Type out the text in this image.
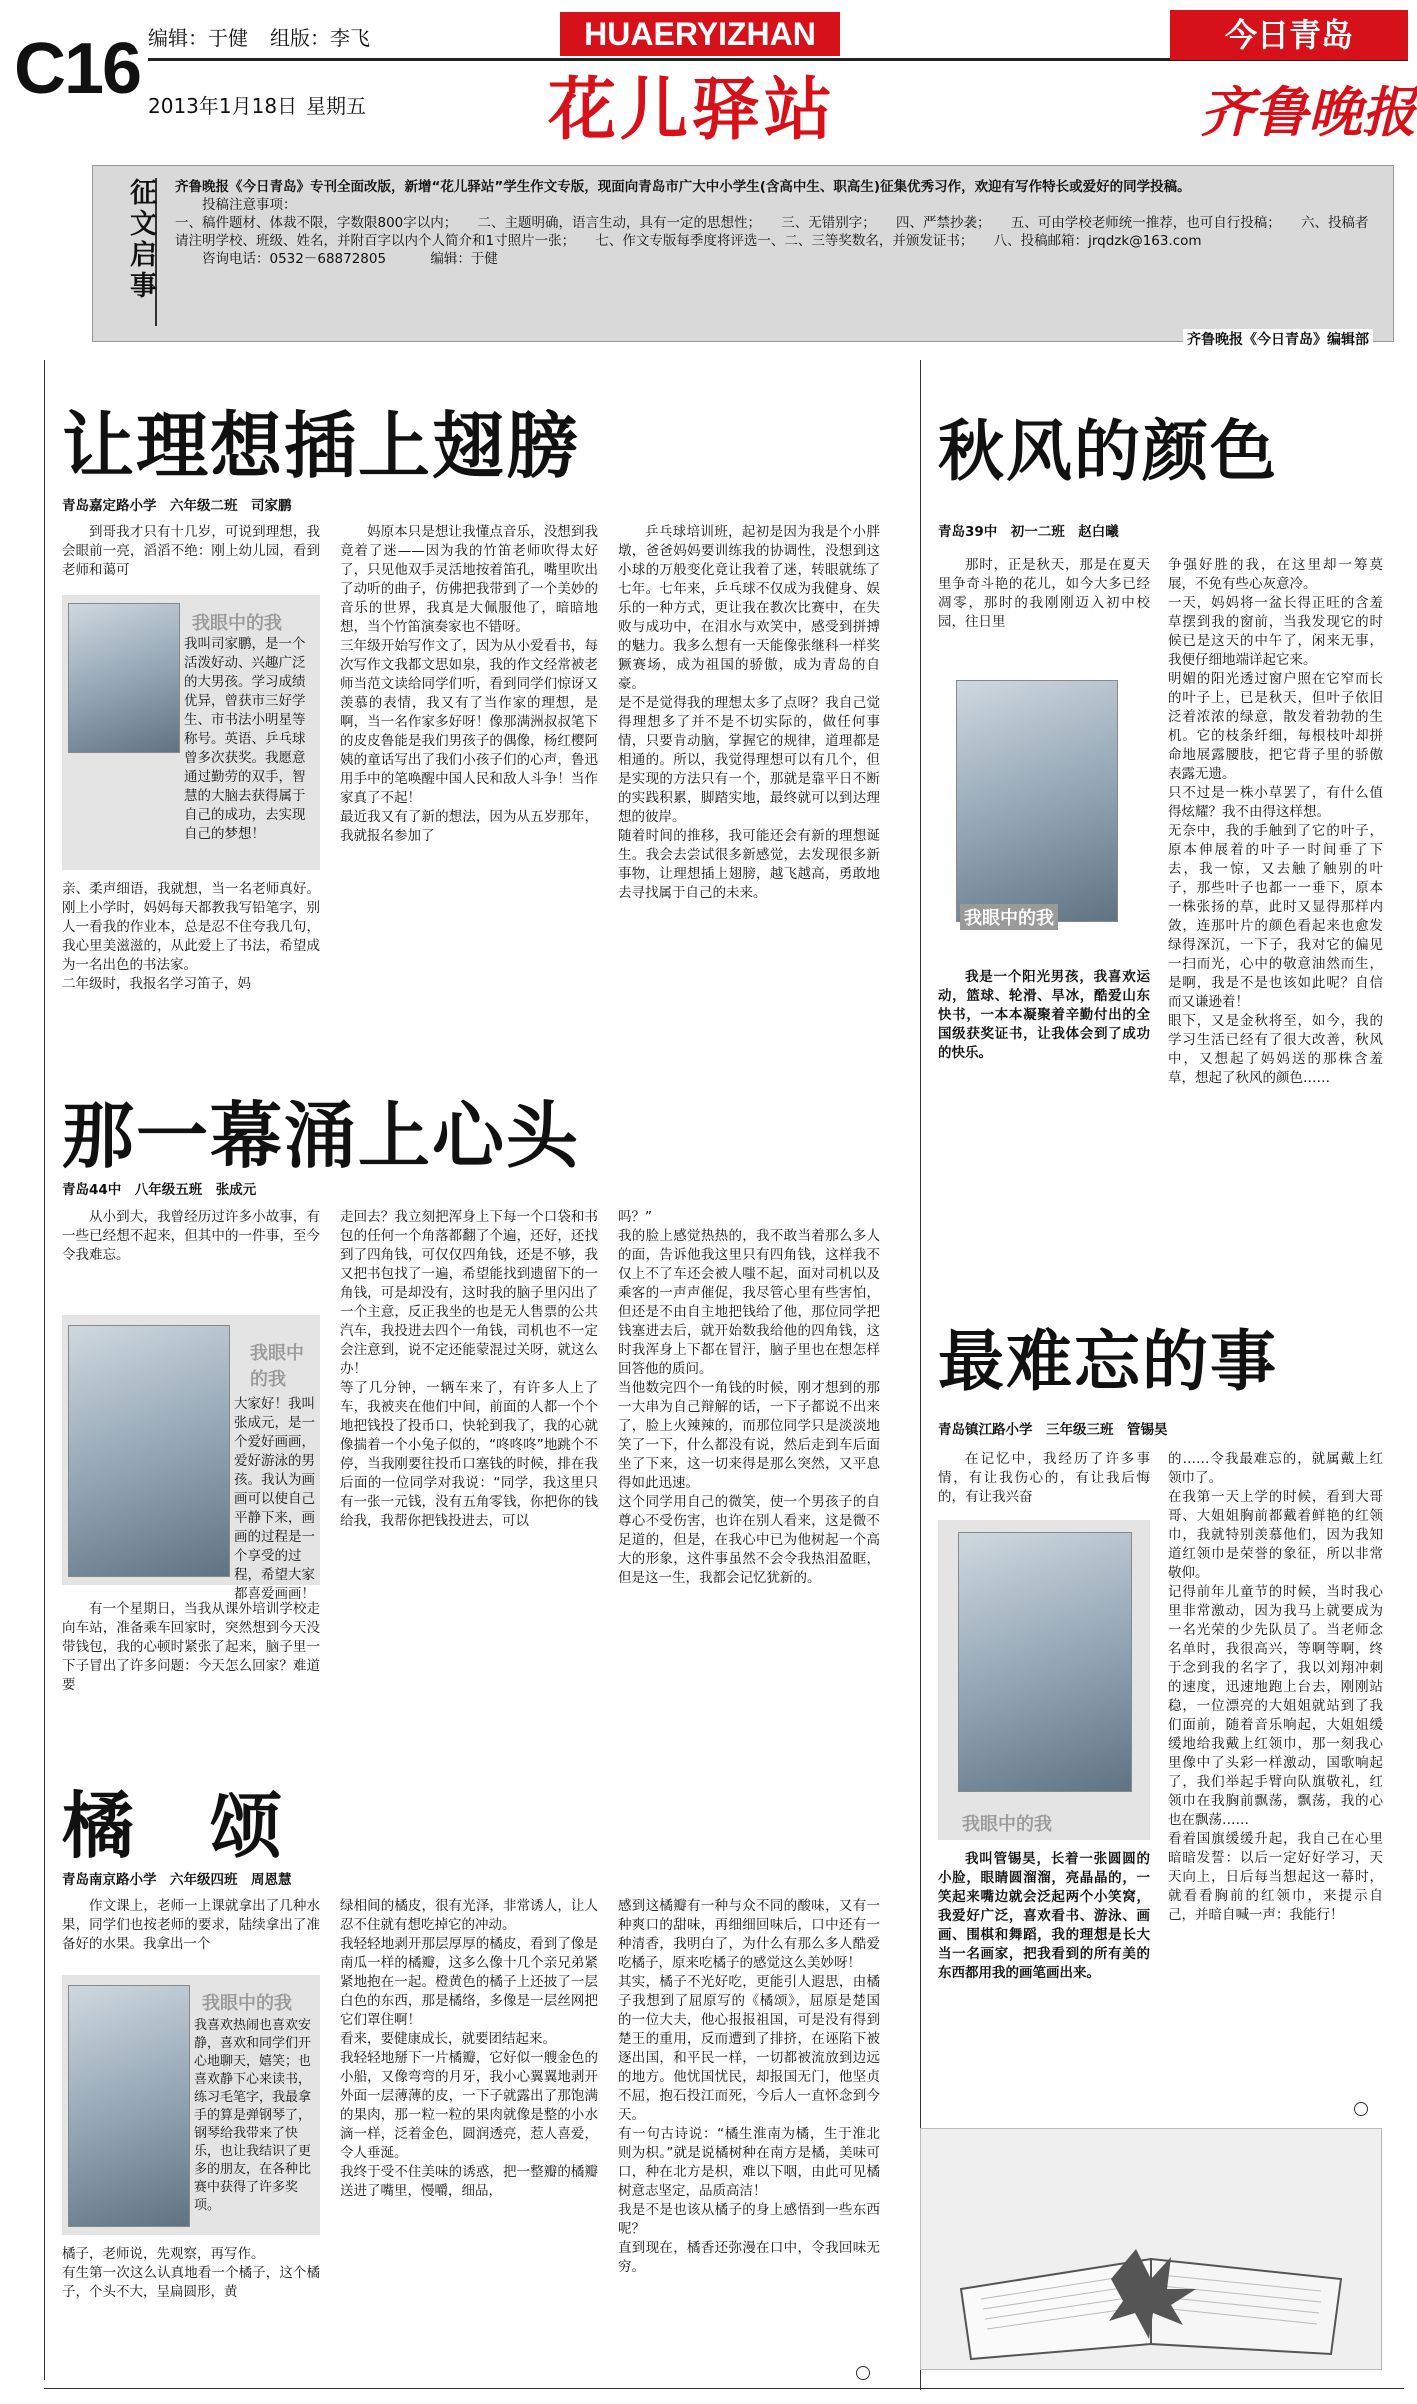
C16 编辑：于健 组版：李飞
2013年1月18日 星期五
HUAERYIZHAN
花儿驿站
今日青岛
齐鲁晚报
征文启事 齐鲁晚报《今日青岛》专刊全面改版，新增“花儿驿站”学生作文专版，现面向青岛市广大中小学生(含高中生、职高生)征集优秀习作，欢迎有写作特长或爱好的同学投稿。
投稿注意事项：
一、稿件题材、体裁不限，字数限800字以内；　　二、主题明确，语言生动，具有一定的思想性；　　三、无错别字；　　四、严禁抄袭；　　五、可由学校老师统一推荐，也可自行投稿；　　六、投稿者请注明学校、班级、姓名，并附百字以内个人简介和1寸照片一张；　　七、作文专版每季度将评选一、二、三等奖数名，并颁发证书；　　八、投稿邮箱：jrqdzk@163.com
咨询电话：0532－68872805	编辑：于健
齐鲁晚报《今日青岛》编辑部
让理想插上翅膀
青岛嘉定路小学　六年级二班　司家鹏

到哥我才只有十几岁，可说到理想，我会眼前一亮，滔滔不绝：刚上幼儿园，看到老师和蔼可

我眼中的我
我叫司家鹏，是一个活泼好动、兴趣广泛的大男孩。学习成绩优异，曾获市三好学生、市书法小明星等称号。英语、乒乓球曾多次获奖。我愿意通过勤劳的双手，智慧的大脑去获得属于自己的成功，去实现自己的梦想！

亲、柔声细语，我就想，当一名老师真好。刚上小学时，妈妈每天都教我写铅笔字，别人一看我的作业本，总是忍不住夸我几句，我心里美滋滋的，从此爱上了书法，希望成为一名出色的书法家。
二年级时，我报名学习笛子，妈

妈原本只是想让我懂点音乐，没想到我竟着了迷——因为我的竹笛老师吹得太好了，只见他双手灵活地按着笛孔，嘴里吹出了动听的曲子，仿佛把我带到了一个美妙的音乐的世界，我真是大佩服他了，暗暗地想，当个竹笛演奏家也不错呀。
三年级开始写作文了，因为从小爱看书，每次写作文我都文思如泉，我的作文经常被老师当范文读给同学们听，看到同学们惊讶又羡慕的表情，我又有了当作家的理想，是啊，当一名作家多好呀！像那满洲叔叔笔下的皮皮鲁能是我们男孩子的偶像，杨红樱阿姨的童话写出了我们小孩子们的心声，鲁迅用手中的笔唤醒中国人民和敌人斗争！当作家真了不起！
最近我又有了新的想法，因为从五岁那年，我就报名参加了

乒乓球培训班，起初是因为我是个小胖墩，爸爸妈妈要训练我的协调性，没想到这小球的万般变化竟让我着了迷，转眼就练了七年。七年来，乒乓球不仅成为我健身、娱乐的一种方式，更让我在教次比赛中，在失败与成功中，在泪水与欢笑中，感受到拼搏的魅力。我多么想有一天能像张继科一样奖獗赛场，成为祖国的骄傲，成为青岛的自豪。
是不是觉得我的理想太多了点呀？我自己觉得理想多了并不是不切实际的，做任何事情，只要肯动脑，掌握它的规律，道理都是相通的。所以，我觉得理想可以有几个，但是实现的方法只有一个，那就是靠平日不断的实践积累，脚踏实地，最终就可以到达理想的彼岸。
随着时间的推移，我可能还会有新的理想诞生。我会去尝试很多新感觉，去发现很多新事物，让理想插上翅膀，越飞越高，勇敢地去寻找属于自己的未来。

那一幕涌上心头
青岛44中　八年级五班　张成元

从小到大，我曾经历过许多小故事，有一些已经想不起来，但其中的一件事，至今令我难忘。

我眼中的我
大家好！我叫张成元，是一个爱好画画，爱好游泳的男孩。我认为画画可以使自己平静下来，画画的过程是一个享受的过程，希望大家都喜爱画画！

有一个星期日，当我从课外培训学校走向车站，准备乘车回家时，突然想到今天没带钱包，我的心顿时紧张了起来，脑子里一下子冒出了许多问题：今天怎么回家？难道要

走回去？我立刻把浑身上下每一个口袋和书包的任何一个角落都翻了个遍，还好，还找到了四角钱，可仅仅四角钱，还是不够，我又把书包找了一遍，希望能找到遗留下的一角钱，可是却没有，这时我的脑子里闪出了一个主意，反正我坐的也是无人售票的公共汽车，我投进去四个一角钱，司机也不一定会注意到，说不定还能蒙混过关呀，就这么办！
等了几分钟，一辆车来了，有许多人上了车，我被夹在他们中间，前面的人都一个个地把钱投了投币口，快轮到我了，我的心就像揣着一个小兔子似的，“咚咚咚”地跳个不停，当我刚要往投币口塞钱的时候，排在我后面的一位同学对我说：“同学，我这里只有一张一元钱，没有五角零钱，你把你的钱给我，我帮你把钱投进去，可以

吗？”
我的脸上感觉热热的，我不敢当着那么多人的面，告诉他我这里只有四角钱，这样我不仅上不了车还会被人嗤不起，面对司机以及乘客的一声声催促，我尽管心里有些害怕，但还是不由自主地把钱给了他，那位同学把钱塞进去后，就开始数我给他的四角钱，这时我浑身上下都在冒汗，脑子里也在想怎样回答他的质问。
当他数完四个一角钱的时候，刚才想到的那一大串为自己辩解的话，一下子都说不出来了，脸上火辣辣的，而那位同学只是淡淡地笑了一下，什么都没有说，然后走到车后面坐了下来，这一切来得是那么突然，又平息得如此迅速。
这个同学用自己的微笑，使一个男孩子的自尊心不受伤害，也许在别人看来，这是微不足道的，但是，在我心中已为他树起一个高大的形象，这件事虽然不会令我热泪盈眶，但是这一生，我都会记忆犹新的。

橘　颂
青岛南京路小学　六年级四班　周恩慧

作文课上，老师一上课就拿出了几种水果，同学们也按老师的要求，陆续拿出了准备好的水果。我拿出一个

我眼中的我
我喜欢热闹也喜欢安静，喜欢和同学们开心地聊天，嬉笑；也喜欢静下心来读书，练习毛笔字，我最拿手的算是弹钢琴了，钢琴给我带来了快乐，也让我结识了更多的朋友，在各种比赛中获得了许多奖项。

橘子，老师说，先观察，再写作。
有生第一次这么认真地看一个橘子，这个橘子，个头不大，呈扁圆形，黄

绿相间的橘皮，很有光泽，非常诱人，让人忍不住就有想吃掉它的冲动。
我轻轻地剥开那层厚厚的橘皮，看到了像是南瓜一样的橘瓣，这多么像十几个亲兄弟紧紧地抱在一起。橙黄色的橘子上还披了一层白色的东西，那是橘络，多像是一层丝网把它们罩住啊！
看来，要健康成长，就要团结起来。
我轻轻地掰下一片橘瓣，它好似一艘金色的小船，又像弯弯的月牙，我小心翼翼地剥开外面一层薄薄的皮，一下子就露出了那饱满的果肉，那一粒一粒的果肉就像是整的小水滴一样，泛着金色，圆润透亮，惹人喜爱，令人垂涎。
我终于受不住美味的诱惑，把一整瓣的橘瓣送进了嘴里，慢嚼，细品，

感到这橘瓣有一种与众不同的酸味，又有一种爽口的甜味，再细细回味后，口中还有一种清香，我明白了，为什么有那么多人酷爱吃橘子，原来吃橘子的感觉这么美妙呀！
其实，橘子不光好吃，更能引人遐思，由橘子我想到了屈原写的《橘颂》，屈原是楚国的一位大夫，他心报报祖国，可是没有得到楚王的重用，反而遭到了排挤，在诬陷下被逐出国，和平民一样，一切都被流放到边远的地方。他忧国忧民，却报国无门，他坚贞不屈，抱石投江而死，今后人一直怀念到今天。
有一句古诗说：“橘生淮南为橘，生于淮北则为枳。”就是说橘树种在南方是橘，美味可口，种在北方是枳，难以下咽，由此可见橘树意志坚定，品质高洁！
我是不是也该从橘子的身上感悟到一些东西呢？
直到现在，橘香还弥漫在口中，令我回味无穷。

秋风的颜色
青岛39中　初一二班　赵白曦

那时，正是秋天，那是在夏天里争奇斗艳的花儿，如今大多已经凋零，那时的我刚刚迈入初中校园，往日里

我眼中的我

我是一个阳光男孩，我喜欢运动，篮球、轮滑、旱冰，酷爱山东快书，一本本凝聚着辛勤付出的全国级获奖证书，让我体会到了成功的快乐。

争强好胜的我，在这里却一筹莫展，不免有些心灰意冷。
一天，妈妈将一盆长得正旺的含羞草摆到我的窗前，当我发现它的时候已是这天的中午了，闲来无事，我便仔细地端详起它来。
明媚的阳光透过窗户照在它窄而长的叶子上，已是秋天，但叶子依旧泛着浓浓的绿意，散发着勃勃的生机。它的枝条纤细，每根枝叶却拼命地展露腰肢，把它背子里的骄傲表露无遗。
只不过是一株小草罢了，有什么值得炫耀？我不由得这样想。
无奈中，我的手触到了它的叶子，原本伸展着的叶子一时间垂了下去，我一惊，又去触了触别的叶子，那些叶子也都一一垂下，原本一株张扬的草，此时又显得那样内敛，连那叶片的颜色看起来也愈发绿得深沉，一下子，我对它的偏见一扫而光，心中的敬意油然而生，是啊，我是不是也该如此呢？自信而又谦逊着！
眼下，又是金秋将至，如今，我的学习生活已经有了很大改善，秋风中，又想起了妈妈送的那株含羞草，想起了秋风的颜色……

最难忘的事
青岛镇江路小学　三年级三班　管锡昊

在记忆中，我经历了许多事情，有让我伤心的，有让我后悔的，有让我兴奋

我眼中的我

我叫管锡昊，长着一张圆圆的小脸，眼睛圆溜溜，亮晶晶的，一笑起来嘴边就会泛起两个小笑窝，我爱好广泛，喜欢看书、游泳、画画、围棋和舞蹈，我的理想是长大当一名画家，把我看到的所有美的东西都用我的画笔画出来。

的……令我最难忘的，就属戴上红领巾了。
在我第一天上学的时候，看到大哥哥、大姐姐胸前都戴着鲜艳的红领巾，我就特别羡慕他们，因为我知道红领巾是荣誉的象征，所以非常敬仰。
记得前年儿童节的时候，当时我心里非常激动，因为我马上就要成为一名光荣的少先队员了。当老师念名单时，我很高兴，等啊等啊，终于念到我的名字了，我以刘翔冲刺的速度，迅速地跑上台去，刚刚站稳，一位漂亮的大姐姐就站到了我们面前，随着音乐响起，大姐姐缓缓地给我戴上红领巾，那一刻我心里像中了头彩一样激动，国歌响起了，我们举起手臂向队旗敬礼，红领巾在我胸前飘荡，飘荡，我的心也在飘荡……
看着国旗缓缓升起，我自己在心里暗暗发誓：以后一定好好学习，天天向上，日后每当想起这一幕时，就看看胸前的红领巾，来提示自己，并暗自喊一声：我能行！
